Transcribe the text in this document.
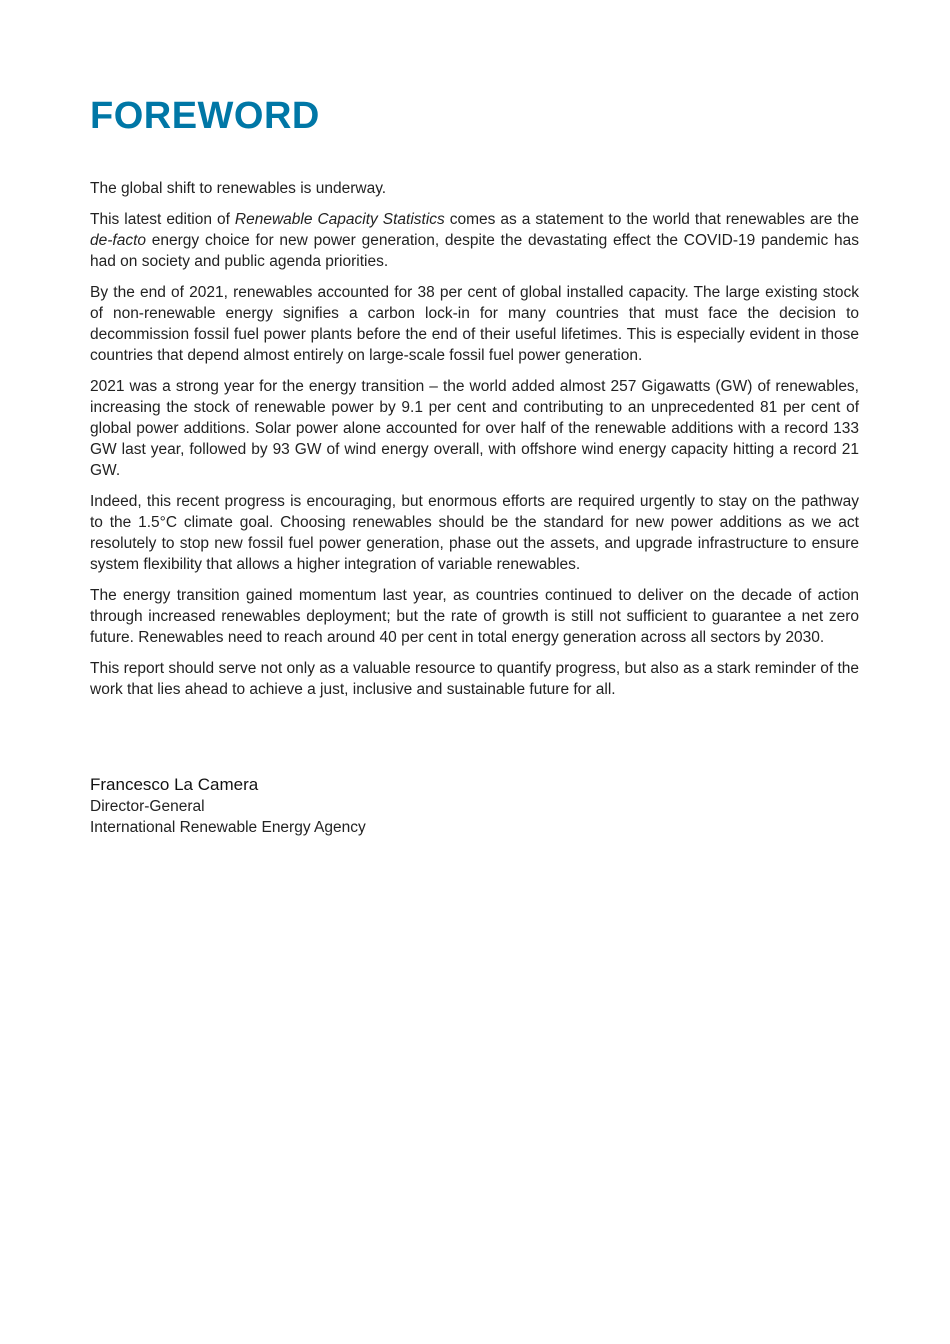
FOREWORD

The global shift to renewables is underway.

This latest edition of Renewable Capacity Statistics comes as a statement to the world that renewables are the de-facto energy choice for new power generation, despite the devastating effect the COVID-19 pandemic has had on society and public agenda priorities.

By the end of 2021, renewables accounted for 38 per cent of global installed capacity. The large existing stock of non-renewable energy signifies a carbon lock-in for many countries that must face the decision to decommission fossil fuel power plants before the end of their useful lifetimes. This is especially evident in those countries that depend almost entirely on large-scale fossil fuel power generation.

2021 was a strong year for the energy transition – the world added almost 257 Gigawatts (GW) of renewables, increasing the stock of renewable power by 9.1 per cent and contributing to an unprecedented 81 per cent of global power additions. Solar power alone accounted for over half of the renewable additions with a record 133 GW last year, followed by 93 GW of wind energy overall, with offshore wind energy capacity hitting a record 21 GW.

Indeed, this recent progress is encouraging, but enormous efforts are required urgently to stay on the pathway to the 1.5°C climate goal. Choosing renewables should be the standard for new power additions as we act resolutely to stop new fossil fuel power generation, phase out the assets, and upgrade infrastructure to ensure system flexibility that allows a higher integration of variable renewables.

The energy transition gained momentum last year, as countries continued to deliver on the decade of action through increased renewables deployment; but the rate of growth is still not sufficient to guarantee a net zero future. Renewables need to reach around 40 per cent in total energy generation across all sectors by 2030.

This report should serve not only as a valuable resource to quantify progress, but also as a stark reminder of the work that lies ahead to achieve a just, inclusive and sustainable future for all.

Francesco La Camera
Director-General
International Renewable Energy Agency
